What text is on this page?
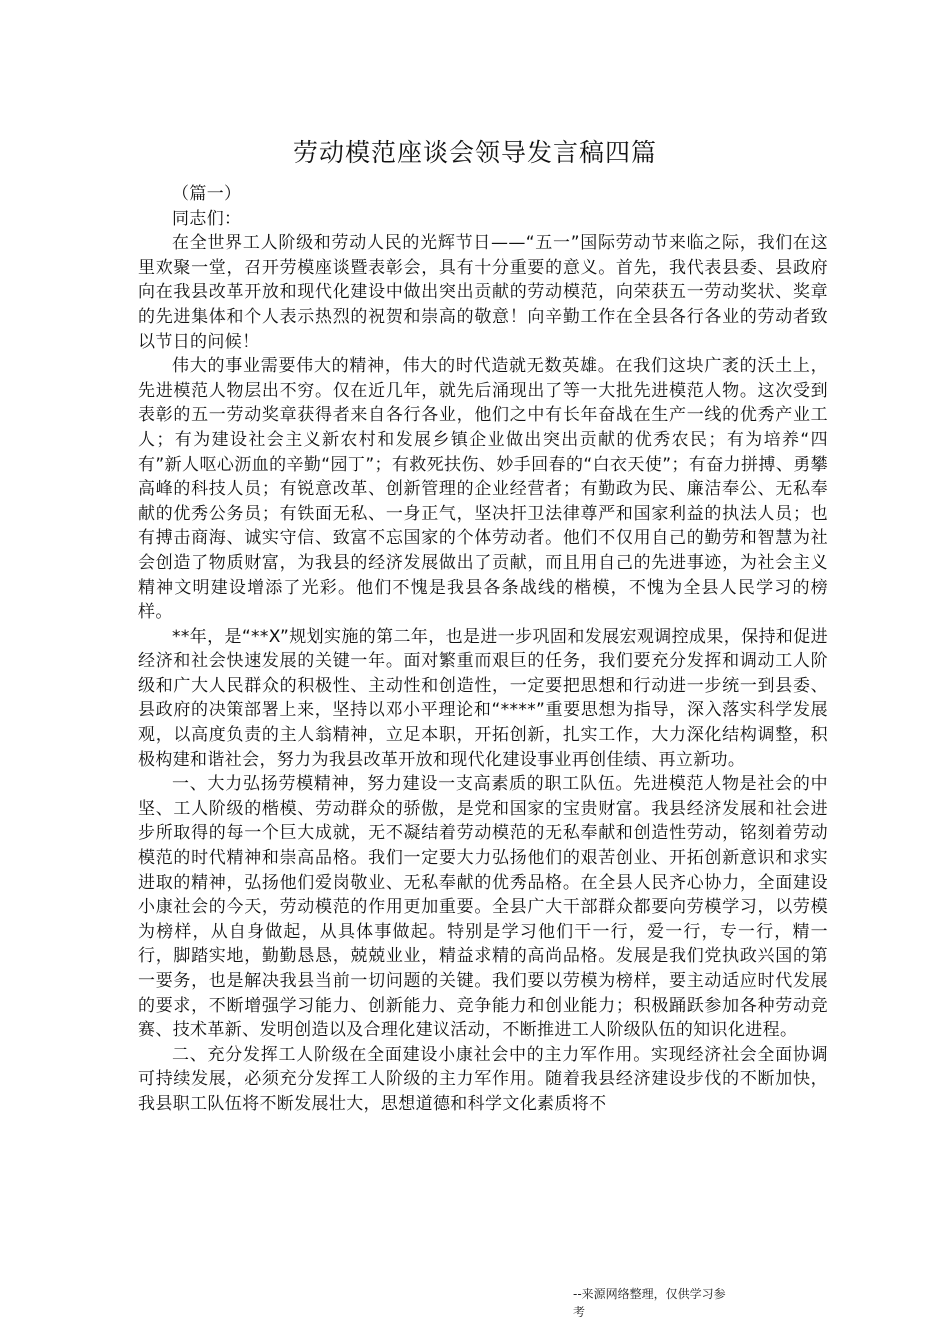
劳动模范座谈会领导发言稿四篇

（篇一）

同志们：

在全世界工人阶级和劳动人民的光辉节日——“五一”国际劳动节来临之际，我们在这里欢聚一堂，召开劳模座谈暨表彰会，具有十分重要的意义。首先，我代表县委、县政府向在我县改革开放和现代化建设中做出突出贡献的劳动模范，向荣获五一劳动奖状、奖章的先进集体和个人表示热烈的祝贺和崇高的敬意！向辛勤工作在全县各行各业的劳动者致以节日的问候！

伟大的事业需要伟大的精神，伟大的时代造就无数英雄。在我们这块广袤的沃土上，先进模范人物层出不穷。仅在近几年，就先后涌现出了等一大批先进模范人物。这次受到表彰的五一劳动奖章获得者来自各行各业，他们之中有长年奋战在生产一线的优秀产业工人；有为建设社会主义新农村和发展乡镇企业做出突出贡献的优秀农民；有为培养“四有”新人呕心沥血的辛勤“园丁”；有救死扶伤、妙手回春的“白衣天使”；有奋力拼搏、勇攀高峰的科技人员；有锐意改革、创新管理的企业经营者；有勤政为民、廉洁奉公、无私奉献的优秀公务员；有铁面无私、一身正气，坚决扞卫法律尊严和国家利益的执法人员；也有搏击商海、诚实守信、致富不忘国家的个体劳动者。他们不仅用自己的勤劳和智慧为社会创造了物质财富，为我县的经济发展做出了贡献，而且用自己的先进事迹，为社会主义精神文明建设增添了光彩。他们不愧是我县各条战线的楷模，不愧为全县人民学习的榜样。

**年，是“**X”规划实施的第二年，也是进一步巩固和发展宏观调控成果，保持和促进经济和社会快速发展的关键一年。面对繁重而艰巨的任务，我们要充分发挥和调动工人阶级和广大人民群众的积极性、主动性和创造性，一定要把思想和行动进一步统一到县委、县政府的决策部署上来，坚持以邓小平理论和“****”重要思想为指导，深入落实科学发展观，以高度负责的主人翁精神，立足本职，开拓创新，扎实工作，大力深化结构调整，积极构建和谐社会，努力为我县改革开放和现代化建设事业再创佳绩、再立新功。

一、大力弘扬劳模精神，努力建设一支高素质的职工队伍。先进模范人物是社会的中坚、工人阶级的楷模、劳动群众的骄傲，是党和国家的宝贵财富。我县经济发展和社会进步所取得的每一个巨大成就，无不凝结着劳动模范的无私奉献和创造性劳动，铭刻着劳动模范的时代精神和崇高品格。我们一定要大力弘扬他们的艰苦创业、开拓创新意识和求实进取的精神，弘扬他们爱岗敬业、无私奉献的优秀品格。在全县人民齐心协力，全面建设小康社会的今天，劳动模范的作用更加重要。全县广大干部群众都要向劳模学习，以劳模为榜样，从自身做起，从具体事做起。特别是学习他们干一行，爱一行，专一行，精一行，脚踏实地，勤勤恳恳，兢兢业业，精益求精的高尚品格。发展是我们党执政兴国的第一要务，也是解决我县当前一切问题的关键。我们要以劳模为榜样，要主动适应时代发展的要求，不断增强学习能力、创新能力、竞争能力和创业能力；积极踊跃参加各种劳动竞赛、技术革新、发明创造以及合理化建议活动，不断推进工人阶级队伍的知识化进程。

二、充分发挥工人阶级在全面建设小康社会中的主力军作用。实现经济社会全面协调可持续发展，必须充分发挥工人阶级的主力军作用。随着我县经济建设步伐的不断加快，我县职工队伍将不断发展壮大，思想道德和科学文化素质将不

--来源网络整理，仅供学习参
考
